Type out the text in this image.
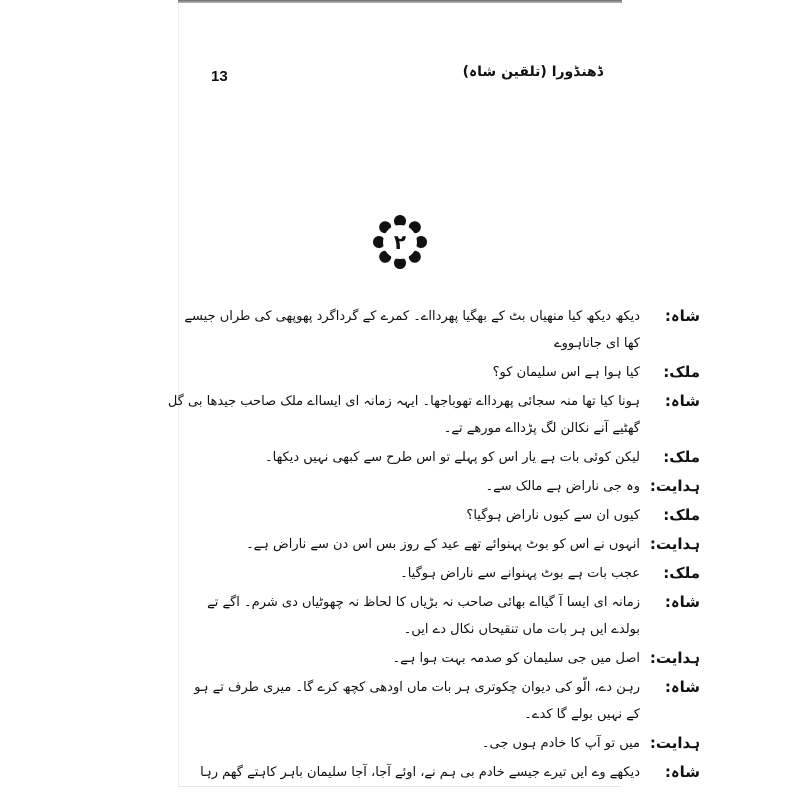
13	ڈھنڈورا (تلقین شاہ)
۲
شاہ:
دیکھ دیکھ کیا منھیاں بٹ کے بھگیا پھردااے۔ کمرے کے گرداگرد پھوپھی کی طراں جیسے
کھا ای جاناہووے
ملک:
کیا ہوا ہے اس سلیمان کو؟
شاہ:
ہونا کیا تھا منہ سجائی پھردااے تھوباجھا۔ ایہہ زمانہ ای ایسااے ملک صاحب جیدھا بی گل
گھٹیے آنے نکالن لگ پڑدااے مورھے تے۔
ملک:
لیکن کوئی بات ہے یار اس کو پہلے تو اس طرح سے کبھی نہیں دیکھا۔
ہدایت:
وہ جی ناراض ہے مالک سے۔
ملک:
کیوں ان سے کیوں ناراض ہوگیا؟
ہدایت:
انہوں نے اس کو بوٹ پہنوائے تھے عید کے روز بس اس دن سے ناراض ہے۔
ملک:
عجب بات ہے بوٹ پہنوانے سے ناراض ہوگیا۔
شاہ:
زمانہ ای ایسا آ گیااے بھائی صاحب نہ بڑیاں کا لحاظ نہ چھوٹیاں دی شرم۔ اگے تے
بولدے ایں ہر بات ماں تنقیحاں نکال دے ایں۔
ہدایت:
اصل میں جی سلیمان کو صدمہ بہت ہوا ہے۔
شاہ:
رہن دے، الّو کی دیوان چکوتری ہر بات ماں اودھی کچھ کرے گا۔ میری طرف تے ہو
کے نہیں بولے گا کدے۔
ہدایت:
میں تو آپ کا خادم ہوں جی۔
شاہ:
دیکھے وے ایں تیرے جیسے خادم بی ہم نے، اوئے آجا، آجا سلیمان باہر کاہتے گھم رہا
